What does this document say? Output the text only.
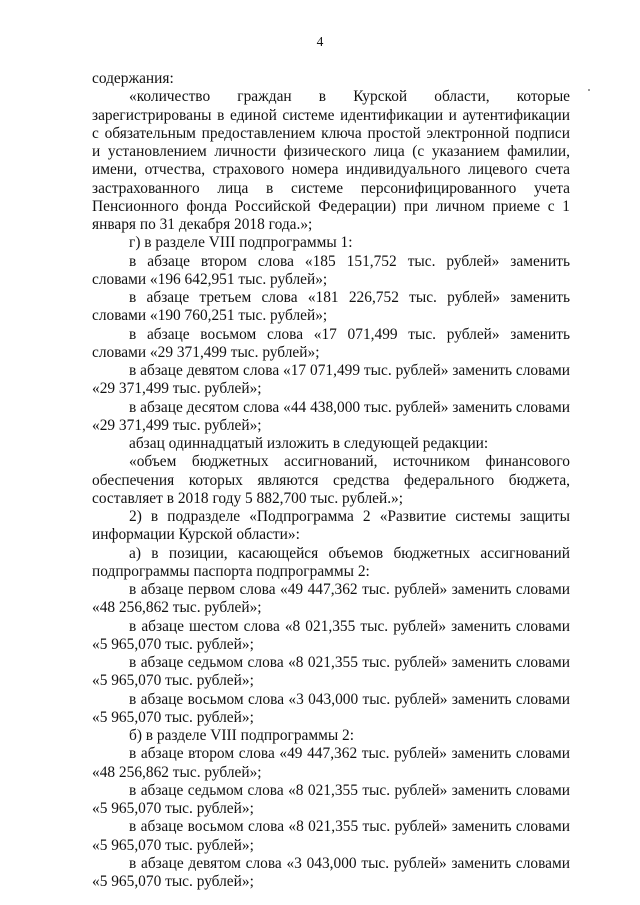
4

содержания:

«количество граждан в Курской области, которые зарегистрированы в единой системе идентификации и аутентификации с обязательным предоставлением ключа простой электронной подписи и установлением личности физического лица (с указанием фамилии, имени, отчества, страхового номера индивидуального лицевого счета застрахованного лица в системе персонифицированного учета Пенсионного фонда Российской Федерации) при личном приеме с 1 января по 31 декабря 2018 года.»;

г) в разделе VIII подпрограммы 1:

в абзаце втором слова «185 151,752 тыс. рублей» заменить словами «196 642,951 тыс. рублей»;

в абзаце третьем слова «181 226,752 тыс. рублей» заменить словами «190 760,251 тыс. рублей»;

в абзаце восьмом слова «17 071,499 тыс. рублей» заменить словами «29 371,499 тыс. рублей»;

в абзаце девятом слова «17 071,499 тыс. рублей» заменить словами «29 371,499 тыс. рублей»;

в абзаце десятом слова «44 438,000 тыс. рублей» заменить словами «29 371,499 тыс. рублей»;

абзац одиннадцатый изложить в следующей редакции:

«объем бюджетных ассигнований, источником финансового обеспечения которых являются средства федерального бюджета, составляет в 2018 году 5 882,700 тыс. рублей.»;

2) в подразделе «Подпрограмма 2 «Развитие системы защиты информации Курской области»:

а) в позиции, касающейся объемов бюджетных ассигнований подпрограммы паспорта подпрограммы 2:

в абзаце первом слова «49 447,362 тыс. рублей» заменить словами «48 256,862 тыс. рублей»;

в абзаце шестом слова «8 021,355 тыс. рублей» заменить словами «5 965,070 тыс. рублей»;

в абзаце седьмом слова «8 021,355 тыс. рублей» заменить словами «5 965,070 тыс. рублей»;

в абзаце восьмом слова «3 043,000 тыс. рублей» заменить словами «5 965,070 тыс. рублей»;

б) в разделе VIII подпрограммы 2:

в абзаце втором слова «49 447,362 тыс. рублей» заменить словами «48 256,862 тыс. рублей»;

в абзаце седьмом слова «8 021,355 тыс. рублей» заменить словами «5 965,070 тыс. рублей»;

в абзаце восьмом слова «8 021,355 тыс. рублей» заменить словами «5 965,070 тыс. рублей»;

в абзаце девятом слова «3 043,000 тыс. рублей» заменить словами «5 965,070 тыс. рублей»;
